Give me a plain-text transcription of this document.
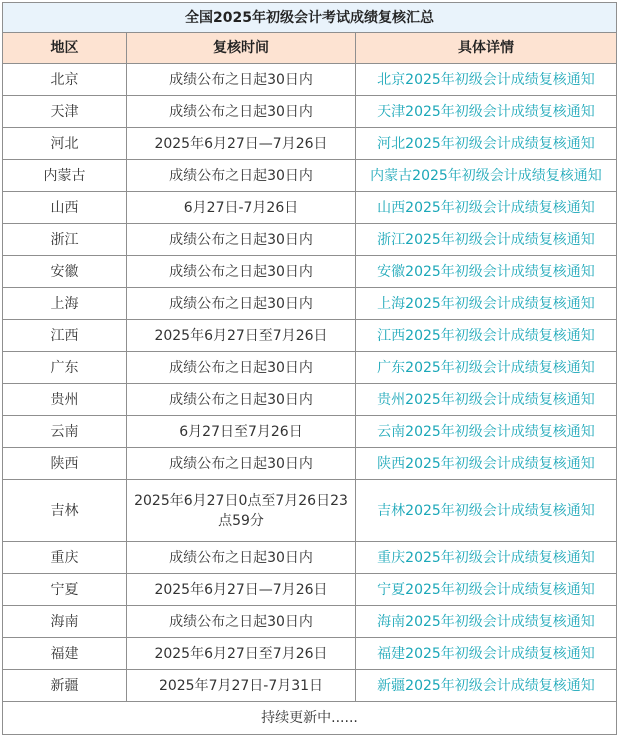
全国2025年初级会计考试成绩复核汇总		
地区	复核时间	具体详情
北京	成绩公布之日起30日内	北京2025年初级会计成绩复核通知
天津	成绩公布之日起30日内	天津2025年初级会计成绩复核通知
河北	2025年6月27日—7月26日	河北2025年初级会计成绩复核通知
内蒙古	成绩公布之日起30日内	内蒙古2025年初级会计成绩复核通知
山西	6月27日-7月26日	山西2025年初级会计成绩复核通知
浙江	成绩公布之日起30日内	浙江2025年初级会计成绩复核通知
安徽	成绩公布之日起30日内	安徽2025年初级会计成绩复核通知
上海	成绩公布之日起30日内	上海2025年初级会计成绩复核通知
江西	2025年6月27日至7月26日	江西2025年初级会计成绩复核通知
广东	成绩公布之日起30日内	广东2025年初级会计成绩复核通知
贵州	成绩公布之日起30日内	贵州2025年初级会计成绩复核通知
云南	6月27日至7月26日	云南2025年初级会计成绩复核通知
陕西	成绩公布之日起30日内	陕西2025年初级会计成绩复核通知
吉林	2025年6月27日0点至7月26日23点59分	吉林2025年初级会计成绩复核通知
重庆	成绩公布之日起30日内	重庆2025年初级会计成绩复核通知
宁夏	2025年6月27日—7月26日	宁夏2025年初级会计成绩复核通知
海南	成绩公布之日起30日内	海南2025年初级会计成绩复核通知
福建	2025年6月27日至7月26日	福建2025年初级会计成绩复核通知
新疆	2025年7月27日-7月31日	新疆2025年初级会计成绩复核通知
持续更新中......		
